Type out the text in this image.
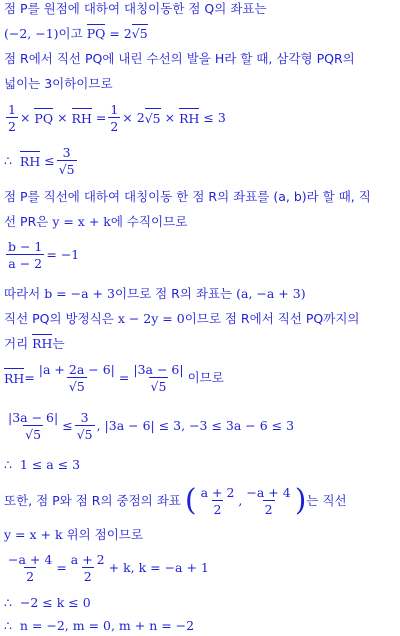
점 P를 원점에 대하여 대칭이동한 점 Q의 좌표는
(−2, −1)이고 PQ = 2 √ 5
점 R에서 직선 PQ에 내린 수선의 발을 H라 할 때, 삼각형 PQR의
넓이는 3이하이므로
$\frac{1}{2}$ ×
PQ
×
RH
= $\frac{1}{2}$ ×
2 √ 5
×
RH
≤ 3
∴
RH
≤ 3
√ 5
점 P를 직선에 대하여 대칭이동 한 점 R의 좌표를 (a, b)라 할 때, 직
선 PR은 y = x + k에 수직이므로
$\frac{b - 1}{a - 2} = -1$
따라서 b = −a + 3이므로 점 R의 좌표는 (a, −a + 3)
직선 PQ의 방정식은 x − 2y = 0이므로 점 R에서 직선 PQ까지의
거리 RH는
RH = |a + 2a − 6|
√ 5 = |3a − 6|
√ 5 이므로
|3a − 6|
√ 5 ≤ 3
√ 5 , |3a − 6| ≤ 3, −3 ≤ 3a − 6 ≤ 3
∴ 1 ≤ a ≤ 3
또한, 점 P와 점 R의 중점의 좌표
( $\frac{a + 2}{2}$ , $\frac{-a + 4}{2}$ ) 는 직선
y = x + k 위의 점이므로
$\frac{-a + 4}{2} = \frac{a + 2}{2} + k$, k = −a + 1
∴ −2 ≤ k ≤ 0
∴ n = −2, m = 0, m + n = −2
